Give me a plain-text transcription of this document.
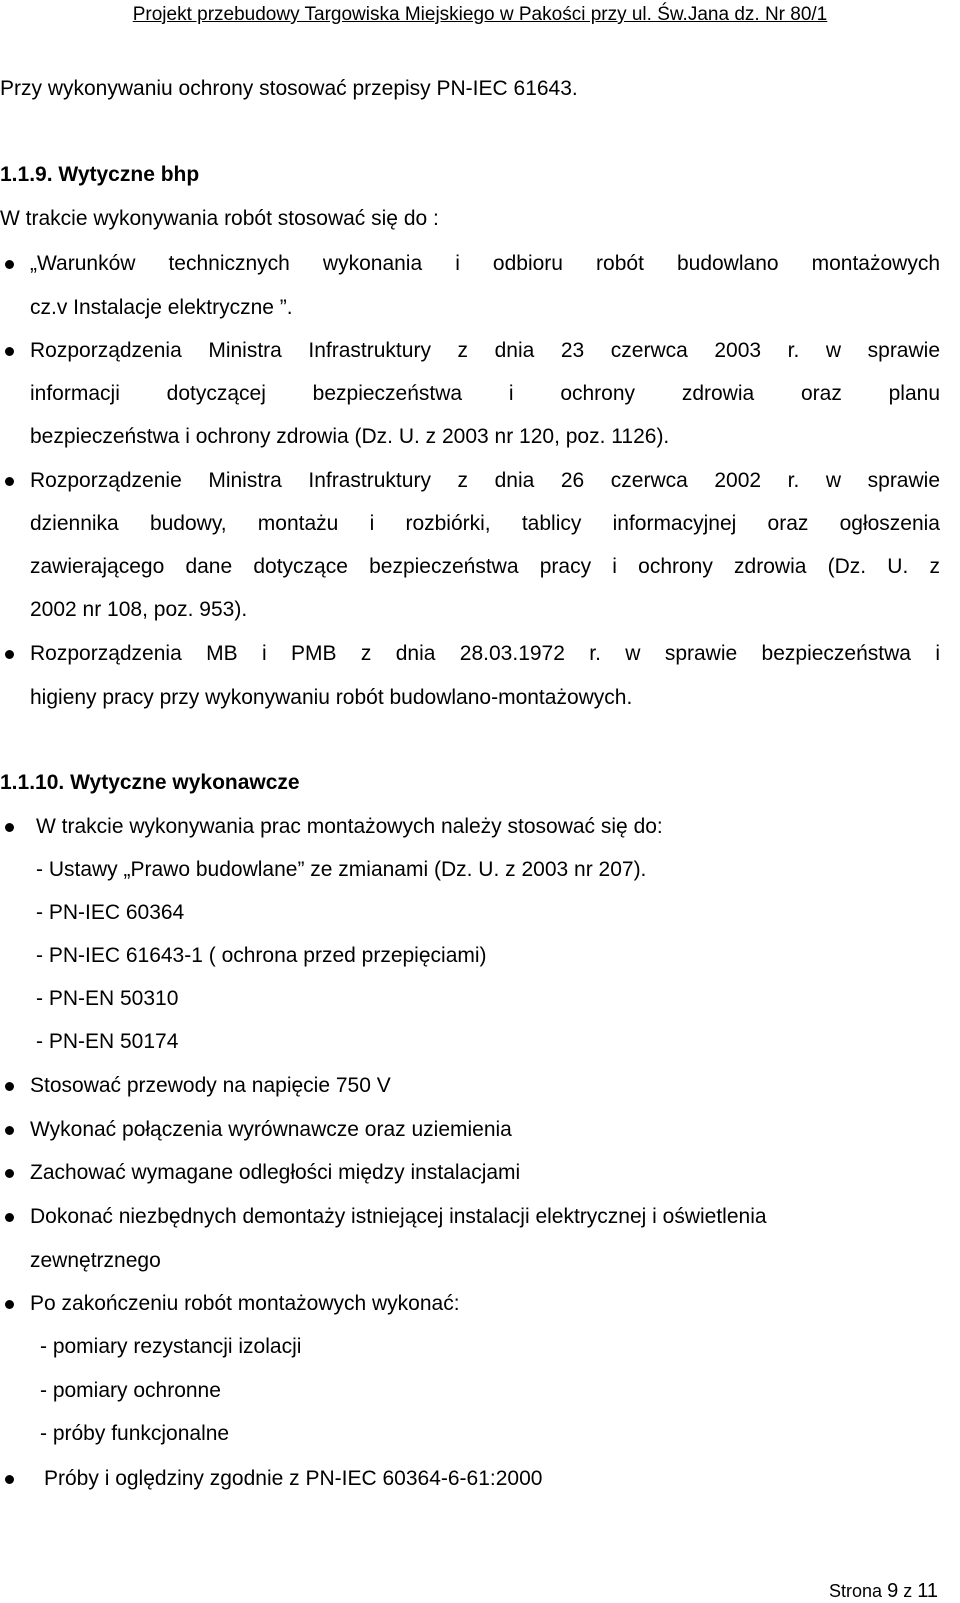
Projekt przebudowy Targowiska Miejskiego w Pakości przy ul. Św.Jana dz. Nr 80/1
Przy wykonywaniu ochrony stosować przepisy PN-IEC 61643.
1.1.9. Wytyczne bhp
W trakcie wykonywania robót stosować się do :
„Warunków technicznych wykonania i odbioru robót budowlano montażowych
cz.v Instalacje elektryczne ”.
Rozporządzenia Ministra Infrastruktury z dnia 23 czerwca 2003 r. w sprawie
informacji dotyczącej bezpieczeństwa i ochrony zdrowia oraz planu
bezpieczeństwa i ochrony zdrowia (Dz. U. z 2003 nr 120, poz. 1126).
Rozporządzenie Ministra Infrastruktury z dnia 26 czerwca 2002 r. w sprawie
dziennika budowy, montażu i rozbiórki, tablicy informacyjnej oraz ogłoszenia
zawierającego dane dotyczące bezpieczeństwa pracy i ochrony zdrowia (Dz. U. z
2002 nr 108, poz. 953).
Rozporządzenia MB i PMB z dnia 28.03.1972 r. w sprawie bezpieczeństwa i
higieny pracy przy wykonywaniu robót budowlano-montażowych.
1.1.10. Wytyczne wykonawcze
W trakcie wykonywania prac montażowych należy stosować się do:
- Ustawy „Prawo budowlane” ze zmianami (Dz. U. z 2003 nr 207).
- PN-IEC 60364
- PN-IEC 61643-1 ( ochrona przed przepięciami)
- PN-EN 50310
- PN-EN 50174
Stosować przewody na napięcie 750 V
Wykonać połączenia wyrównawcze oraz uziemienia
Zachować wymagane odległości między instalacjami
Dokonać niezbędnych demontaży istniejącej instalacji elektrycznej i oświetlenia
zewnętrznego
Po zakończeniu robót montażowych wykonać:
- pomiary rezystancji izolacji
- pomiary ochronne
- próby funkcjonalne
Próby i oględziny zgodnie z PN-IEC 60364-6-61:2000
Strona 9 z 11
